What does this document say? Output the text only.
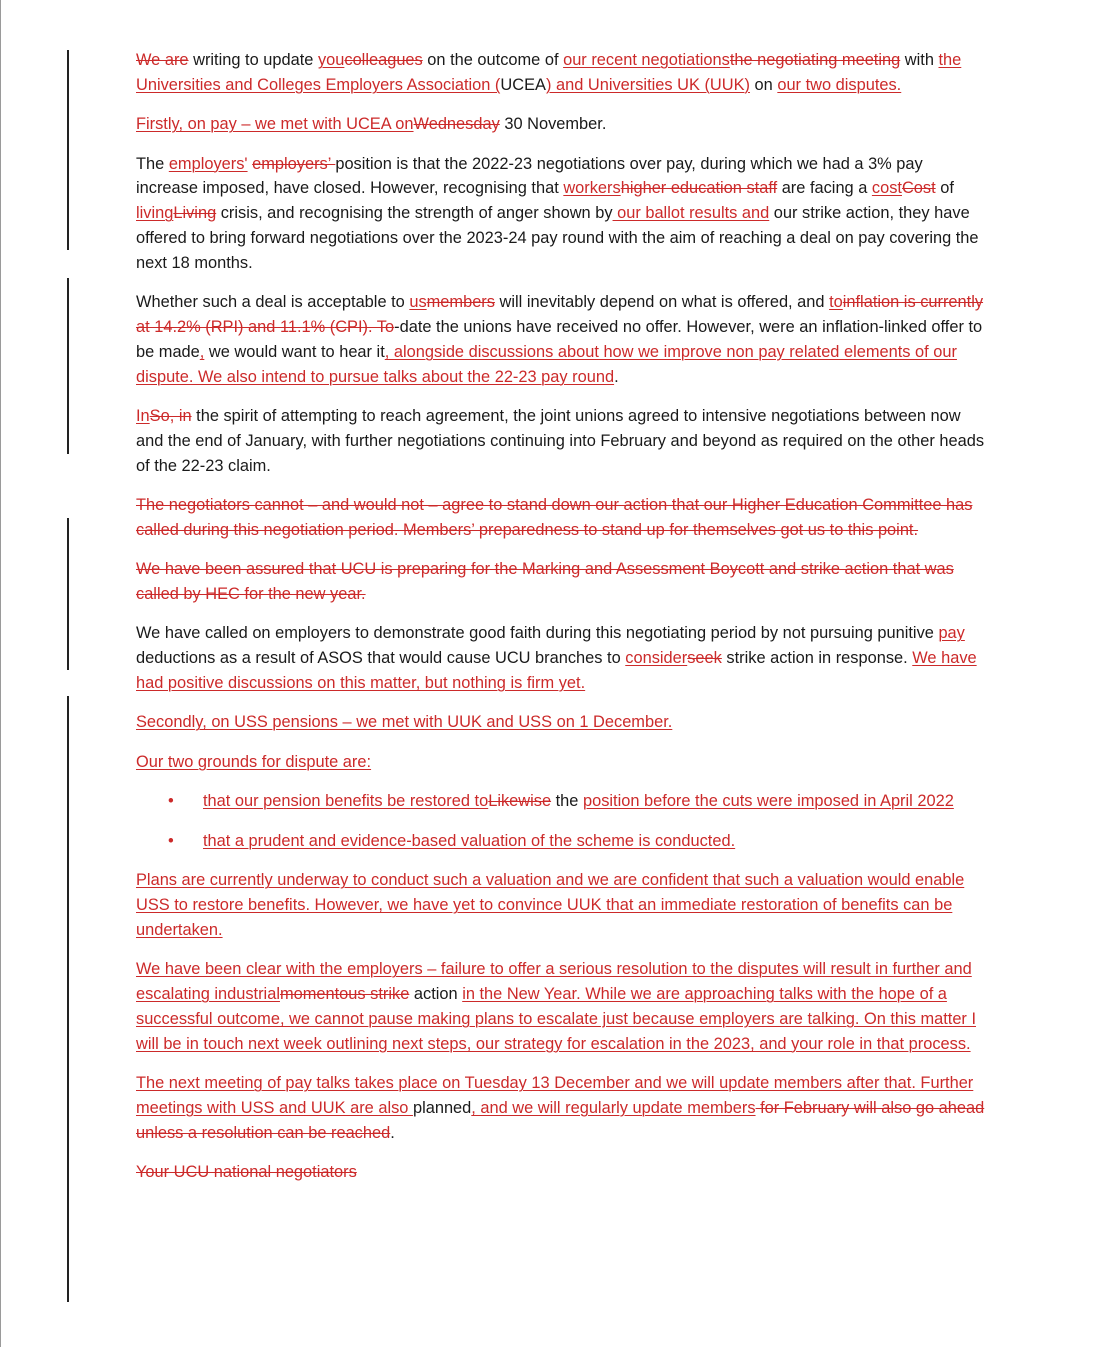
We are writing to update youcolleagues on the outcome of our recent negotiationsthe negotiating meeting with the Universities and Colleges Employers Association (UCEA) and Universities UK (UUK) on our two disputes.

Firstly, on pay – we met with UCEA onWednesday 30 November.

The employers' employers’ position is that the 2022-23 negotiations over pay, during which we had a 3% pay increase imposed, have closed. However, recognising that workershigher education staff are facing a costCost of livingLiving crisis, and recognising the strength of anger shown by our ballot results and our strike action, they have offered to bring forward negotiations over the 2023-24 pay round with the aim of reaching a deal on pay covering the next 18 months.

Whether such a deal is acceptable to usmembers will inevitably depend on what is offered, and toinflation is currently at 14.2% (RPI) and 11.1% (CPI). To-date the unions have received no offer. However, were an inflation-linked offer to be made, we would want to hear it, alongside discussions about how we improve non pay related elements of our dispute. We also intend to pursue talks about the 22-23 pay round.

InSo, in the spirit of attempting to reach agreement, the joint unions agreed to intensive negotiations between now and the end of January, with further negotiations continuing into February and beyond as required on the other heads of the 22-23 claim.

The negotiators cannot – and would not – agree to stand down our action that our Higher Education Committee has called during this negotiation period. Members’ preparedness to stand up for themselves got us to this point.

We have been assured that UCU is preparing for the Marking and Assessment Boycott and strike action that was called by HEC for the new year.

We have called on employers to demonstrate good faith during this negotiating period by not pursuing punitive pay deductions as a result of ASOS that would cause UCU branches to considerseek strike action in response. We have had positive discussions on this matter, but nothing is firm yet.

Secondly, on USS pensions – we met with UUK and USS on 1 December.

Our two grounds for dispute are:

•	that our pension benefits be restored toLikewise the position before the cuts were imposed in April 2022
•	that a prudent and evidence-based valuation of the scheme is conducted.

Plans are currently underway to conduct such a valuation and we are confident that such a valuation would enable USS to restore benefits. However, we have yet to convince UUK that an immediate restoration of benefits can be undertaken.

We have been clear with the employers – failure to offer a serious resolution to the disputes will result in further and escalating industrialmomentous strike action in the New Year. While we are approaching talks with the hope of a successful outcome, we cannot pause making plans to escalate just because employers are talking. On this matter I will be in touch next week outlining next steps, our strategy for escalation in the 2023, and your role in that process.

The next meeting of pay talks takes place on Tuesday 13 December and we will update members after that. Further meetings with USS and UUK are also planned, and we will regularly update members for February will also go ahead unless a resolution can be reached.

Your UCU national negotiators
